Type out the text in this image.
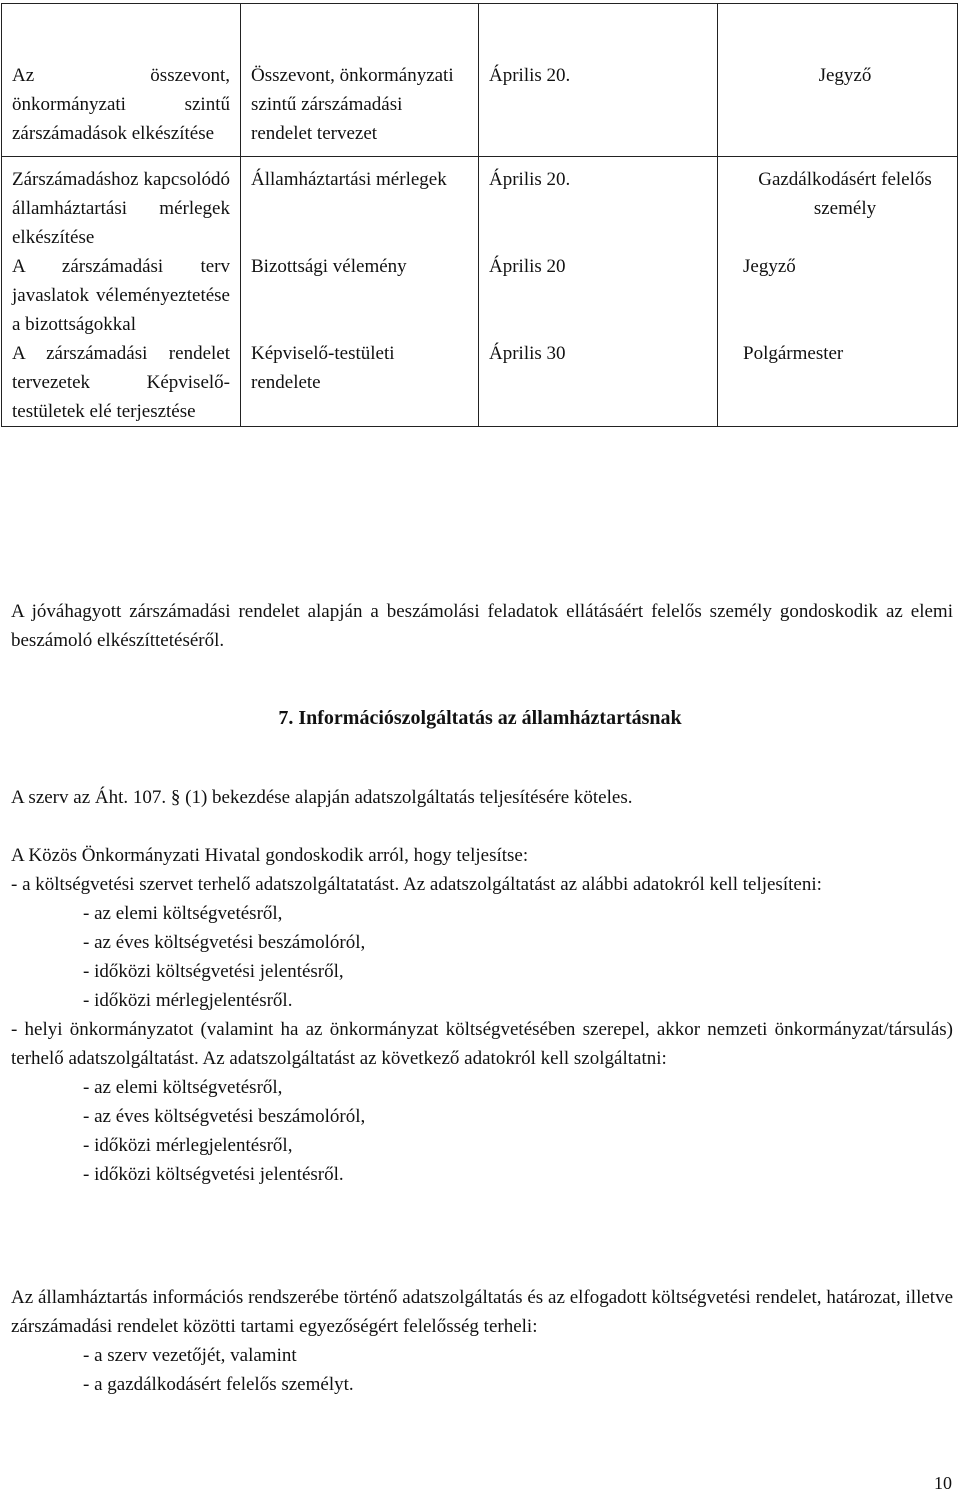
Az összevont, önkormányzati szintű zárszámadások elkészítése	Összevont, önkormányzati szintű zárszámadási rendelet tervezet	Április 20.	Jegyző
Zárszámadáshoz kapcsolódó államháztartási mérlegek elkészítése	Államháztartási mérlegek	Április 20.	Gazdálkodásért felelős személy
A zárszámadási terv javaslatok véleményeztetése a bizottságokkal	Bizottsági vélemény	Április 20	Jegyző
A zárszámadási rendelet tervezetek Képviselő-testületek elé terjesztése	Képviselő-testületi rendelete	Április 30	Polgármester

A jóváhagyott zárszámadási rendelet alapján a beszámolási feladatok ellátásáért felelős személy gondoskodik az elemi beszámoló elkészíttetéséről.

7. Információszolgáltatás az államháztartásnak

A szerv az Áht. 107. § (1) bekezdése alapján adatszolgáltatás teljesítésére köteles.

A Közös Önkormányzati Hivatal gondoskodik arról, hogy teljesítse:

- a költségvetési szervet terhelő adatszolgáltatatást. Az adatszolgáltatást az alábbi adatokról kell teljesíteni:

- az elemi költségvetésről,

- az éves költségvetési beszámolóról,

- időközi költségvetési jelentésről,

- időközi mérlegjelentésről.

- helyi önkormányzatot (valamint ha az önkormányzat költségvetésében szerepel, akkor nemzeti önkormányzat/társulás) terhelő adatszolgáltatást. Az adatszolgáltatást az következő adatokról kell szolgáltatni:

- az elemi költségvetésről,

- az éves költségvetési beszámolóról,

- időközi mérlegjelentésről,

- időközi költségvetési jelentésről.

Az államháztartás információs rendszerébe történő adatszolgáltatás és az elfogadott költségvetési rendelet, határozat, illetve zárszámadási rendelet közötti tartami egyezőségért felelősség terheli:

- a szerv vezetőjét, valamint

- a gazdálkodásért felelős személyt.

10
